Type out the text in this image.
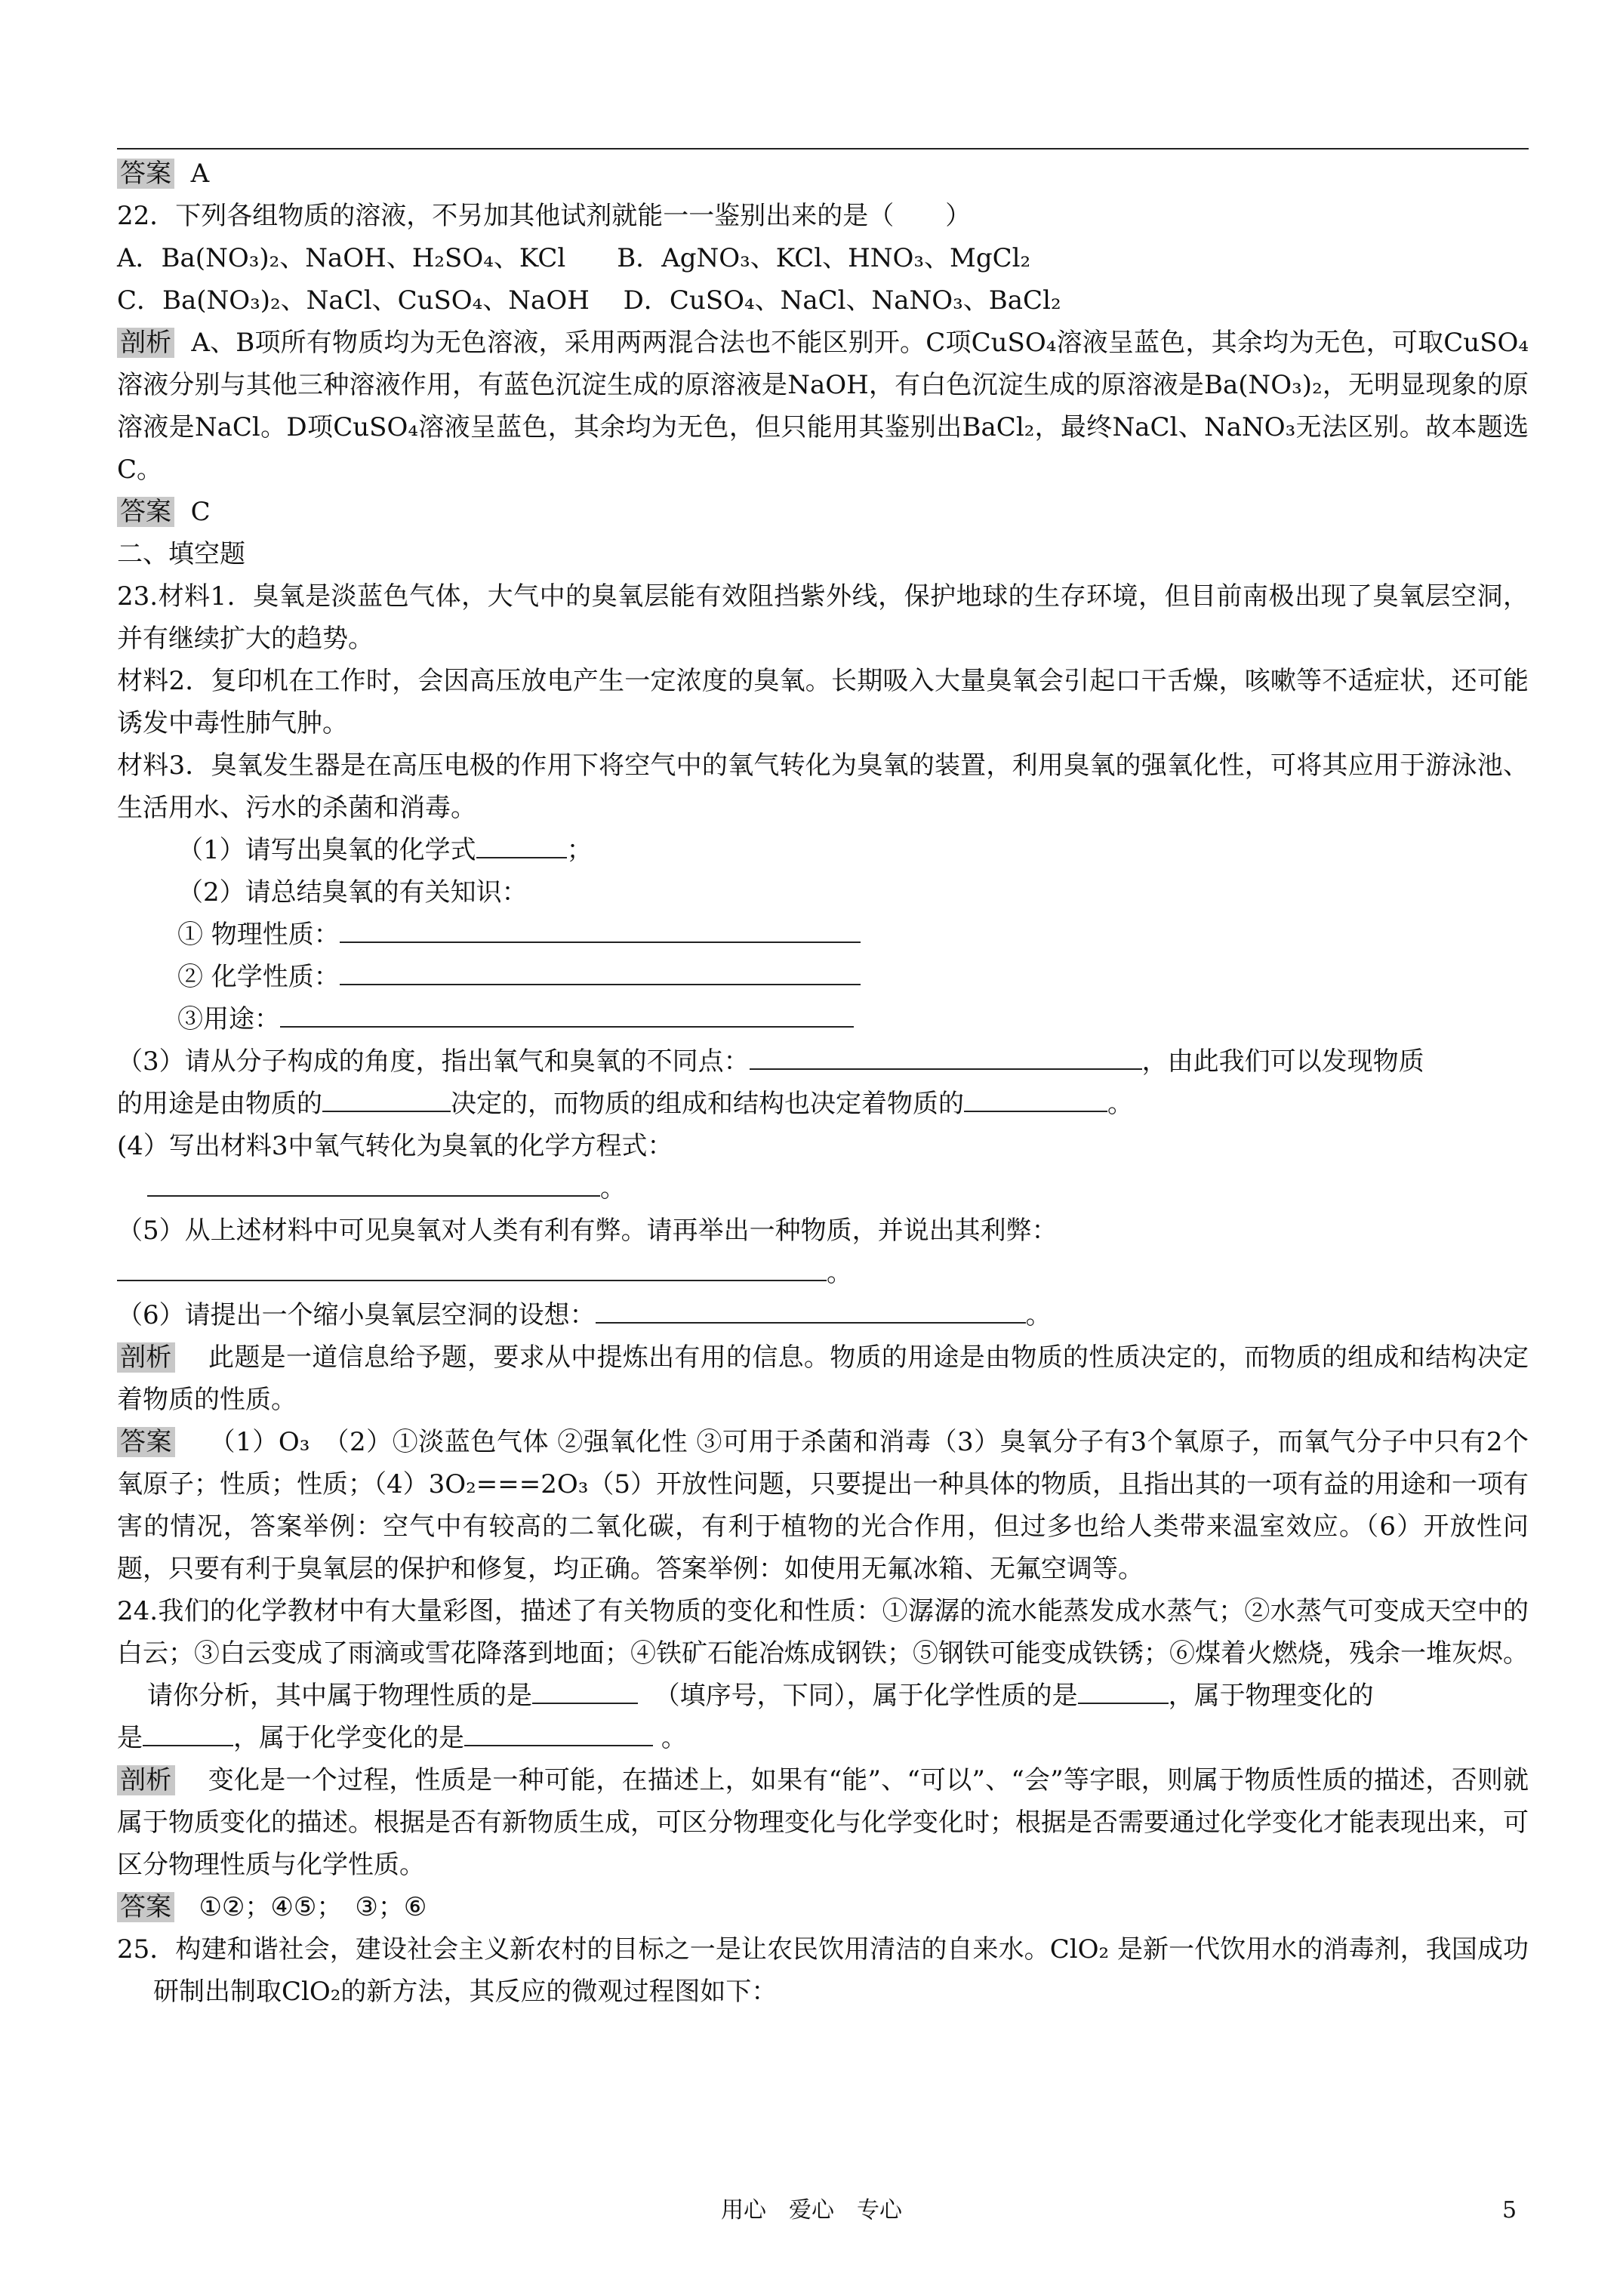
答案 A
22．下列各组物质的溶液，不另加其他试剂就能一一鉴别出来的是（　　）
A．Ba(NO₃)₂、NaOH、H₂SO₄、KCl　　B．AgNO₃、KCl、HNO₃、MgCl₂
C．Ba(NO₃)₂、NaCl、CuSO₄、NaOH　 D．CuSO₄、NaCl、NaNO₃、BaCl₂
剖析 A、B项所有物质均为无色溶液，采用两两混合法也不能区别开。C项CuSO₄溶液呈蓝色，其余均为无色，可取CuSO₄ 溶液分别与其他三种溶液作用，有蓝色沉淀生成的原溶液是NaOH，有白色沉淀生成的原溶液是Ba(NO₃)₂，无明显现象的原溶液是NaCl。D项CuSO₄溶液呈蓝色，其余均为无色，但只能用其鉴别出BaCl₂，最终NaCl、NaNO₃无法区别。故本题选C。
答案 C
二、填空题
23.材料1．臭氧是淡蓝色气体，大气中的臭氧层能有效阻挡紫外线，保护地球的生存环境，但目前南极出现了臭氧层空洞，并有继续扩大的趋势。
材料2．复印机在工作时，会因高压放电产生一定浓度的臭氧。长期吸入大量臭氧会引起口干舌燥，咳嗽等不适症状，还可能诱发中毒性肺气肿。
材料3．臭氧发生器是在高压电极的作用下将空气中的氧气转化为臭氧的装置，利用臭氧的强氧化性，可将其应用于游泳池、生活用水、污水的杀菌和消毒。
（1）请写出臭氧的化学式	；
（2）请总结臭氧的有关知识：
① 物理性质：
② 化学性质：
③用途：
（3）请从分子构成的角度，指出氧气和臭氧的不同点：	，由此我们可以发现物质
的用途是由物质的	决定的，而物质的组成和结构也决定着物质的	。
(4）写出材料3中氧气转化为臭氧的化学方程式：
。
（5）从上述材料中可见臭氧对人类有利有弊。请再举出一种物质，并说出其利弊：
。
（6）请提出一个缩小臭氧层空洞的设想：	。
剖析 此题是一道信息给予题，要求从中提炼出有用的信息。物质的用途是由物质的性质决定的，而物质的组成和结构决定着物质的性质。
答案 （1）O₃　（2）①淡蓝色气体 ②强氧化性 ③可用于杀菌和消毒（3）臭氧分子有3个氧原子，而氧气分子中只有2个氧原子；性质；性质；（4）3O₂===2O₃（5）开放性问题，只要提出一种具体的物质，且指出其的一项有益的用途和一项有害的情况，答案举例：空气中有较高的二氧化碳，有利于植物的光合作用，但过多也给人类带来温室效应。（6）开放性问题，只要有利于臭氧层的保护和修复，均正确。答案举例：如使用无氟冰箱、无氟空调等。
24.我们的化学教材中有大量彩图，描述了有关物质的变化和性质：①潺潺的流水能蒸发成水蒸气；②水蒸气可变成天空中的白云；③白云变成了雨滴或雪花降落到地面；④铁矿石能冶炼成钢铁；⑤钢铁可能变成铁锈；⑥煤着火燃烧，残余一堆灰烬。
请你分析，其中属于物理性质的是	（填序号，下同），属于化学性质的是	，属于物理变化的
是	，属于化学变化的是	。
剖析 变化是一个过程，性质是一种可能，在描述上，如果有“能”、“可以”、“会”等字眼，则属于物质性质的描述，否则就属于物质变化的描述。根据是否有新物质生成，可区分物理变化与化学变化时；根据是否需要通过化学变化才能表现出来，可区分物理性质与化学性质。
答案 ①②；④⑤；　③；⑥
25．构建和谐社会，建设社会主义新农村的目标之一是让农民饮用清洁的自来水。ClO₂ 是新一代饮用水的消毒剂，我国成功研制出制取ClO₂的新方法，其反应的微观过程图如下：
用心　爱心　专心	5
